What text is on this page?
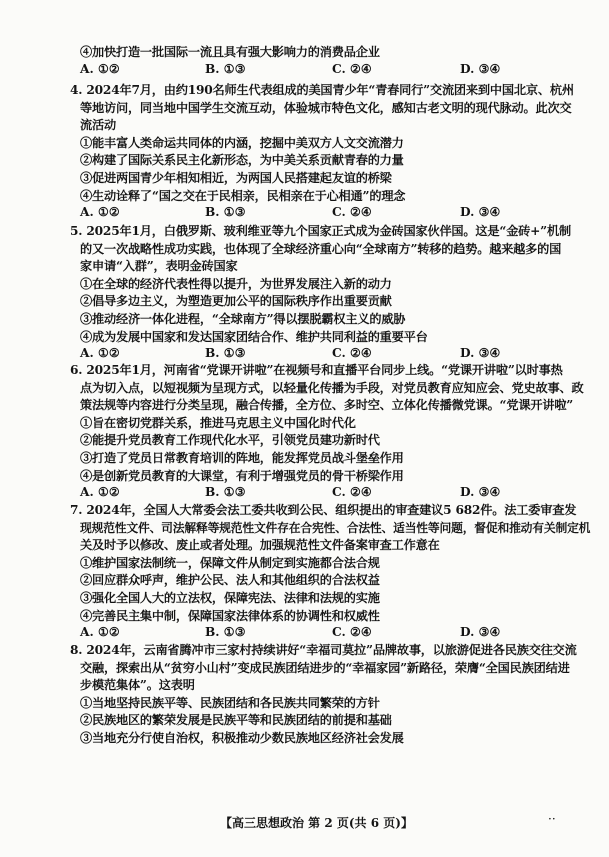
④加快打造一批国际一流且具有强大影响力的消费品企业
A. ①②	B. ①③	C. ②④	D. ③④
4. 2024年7月，由约190名师生代表组成的美国青少年“青春同行”交流团来到中国北京、杭州
等地访问，同当地中国学生交流互动，体验城市特色文化，感知古老文明的现代脉动。此次交
流活动
①能丰富人类命运共同体的内涵，挖掘中美双方人文交流潜力
②构建了国际关系民主化新形态，为中美关系贡献青春的力量
③促进两国青少年相知相近，为两国人民搭建起友谊的桥梁
④生动诠释了“国之交在于民相亲，民相亲在于心相通”的理念
A. ①②	B. ①③	C. ②④	D. ③④
5. 2025年1月，白俄罗斯、玻利维亚等九个国家正式成为金砖国家伙伴国。这是“金砖+”机制
的又一次战略性成功实践，也体现了全球经济重心向“全球南方”转移的趋势。越来越多的国
家申请“入群”，表明金砖国家
①在全球的经济代表性得以提升，为世界发展注入新的动力
②倡导多边主义，为塑造更加公平的国际秩序作出重要贡献
③推动经济一体化进程，“全球南方”得以摆脱霸权主义的威胁
④成为发展中国家和发达国家团结合作、维护共同利益的重要平台
A. ①②	B. ①③	C. ②④	D. ③④
6. 2025年1月，河南省“党课开讲啦”在视频号和直播平台同步上线。“党课开讲啦”以时事热
点为切入点，以短视频为呈现方式，以轻量化传播为手段，对党员教育应知应会、党史故事、政
策法规等内容进行分类呈现，融合传播，全方位、多时空、立体化传播微党课。“党课开讲啦”
①旨在密切党群关系，推进马克思主义中国化时代化
②能提升党员教育工作现代化水平，引领党员建功新时代
③打造了党员日常教育培训的阵地，能发挥党员战斗堡垒作用
④是创新党员教育的大课堂，有利于增强党员的骨干桥梁作用
A. ①②	B. ①③	C. ②④	D. ③④
7. 2024年，全国人大常委会法工委共收到公民、组织提出的审查建议5 682件。法工委审查发
现规范性文件、司法解释等规范性文件存在合宪性、合法性、适当性等问题，督促和推动有关制定机
关及时予以修改、废止或者处理。加强规范性文件备案审查工作意在
①维护国家法制统一，保障文件从制定到实施都合法合规
②回应群众呼声，维护公民、法人和其他组织的合法权益
③强化全国人大的立法权，保障宪法、法律和法规的实施
④完善民主集中制，保障国家法律体系的协调性和权威性
A. ①②	B. ①③	C. ②④	D. ③④
8. 2024年，云南省腾冲市三家村持续讲好“幸福司莫拉”品牌故事，以旅游促进各民族交往交流
交融，探索出从“贫穷小山村”变成民族团结进步的“幸福家园”新路径，荣膺“全国民族团结进
步模范集体”。这表明
①当地坚持民族平等、民族团结和各民族共同繁荣的方针
②民族地区的繁荣发展是民族平等和民族团结的前提和基础
③当地充分行使自治权，积极推动少数民族地区经济社会发展
【高三思想政治 第 2 页(共 6 页)】	··
